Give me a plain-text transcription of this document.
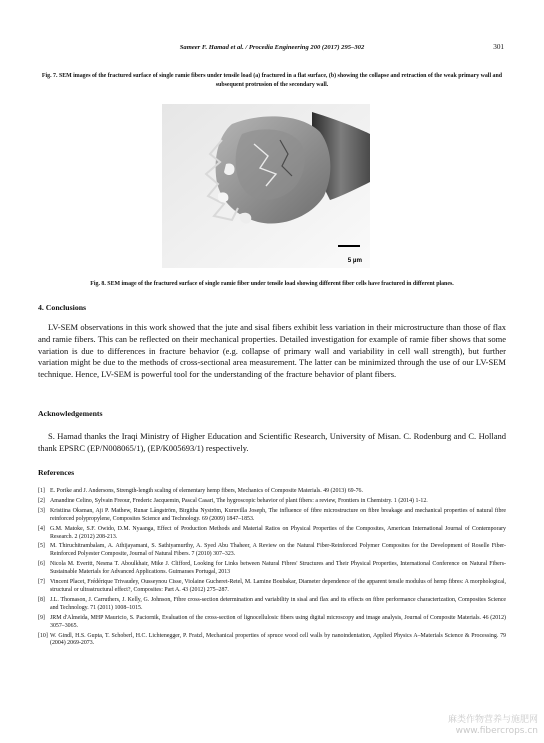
Sameer F. Hamad et al. / Procedia Engineering 200 (2017) 295–302	301
Fig. 7. SEM images of the fractured surface of single ramie fibers under tensile load (a) fractured in a flat surface, (b) showing the collapse and retraction of the weak primary wall and subsequent protrusion of the secondary wall.
5 µm
Fig. 8. SEM image of the fractured surface of single ramie fiber under tensile load showing different fiber cells have fractured in different planes.
4. Conclusions

LV-SEM observations in this work showed that the jute and sisal fibers exhibit less variation in their microstructure than those of flax and ramie fibers. This can be reflected on their mechanical properties. Detailed investigation for example of ramie fiber shows that some variation is due to differences in fracture behavior (e.g. collapse of primary wall and variability in cell wall strength), but further variation might be due to the methods of cross-sectional area measurement. The latter can be minimized through the use of our LV-SEM technique. Hence, LV-SEM is powerful tool for the understanding of the fracture behavior of plant fibers.

Acknowledgements

S. Hamad thanks the Iraqi Ministry of Higher Education and Scientific Research, University of Misan. C. Rodenburg and C. Holland thank EPSRC (EP/N008065/1), (EP/K005693/1) respectively.

References
[1] E. Porike and J. Andersons, Strength-length scaling of elementary hemp fibers, Mechanics of Composite Materials. 49 (2013) 69-76.
[2] Amandine Celino, Sylvain Freour, Frederic Jacquemin, Pascal Casari, The hygroscopic behavior of plant fibers: a review, Frontiers in Chemistry. 1 (2014) 1-12.
[3] Kristiina Oksman, Aji P. Mathew, Runar Långström, Birgitha Nyström, Kuruvilla Joseph, The influence of fibre microstructure on fibre breakage and mechanical properties of natural fibre reinforced polypropylene, Composites Science and Technology. 69 (2009) 1847–1853.
[4] G.M. Matoke, S.F. Owido, D.M. Nyaanga, Effect of Production Methods and Material Ratios on Physical Properties of the Composites, American International Journal of Contemporary Research. 2 (2012) 208-213.
[5] M. Thiruchitrambalam, A. Athijayamani, S. Sathiyamurthy, A. Syed Abu Thaheer, A Review on the Natural Fiber-Reinforced Polymer Composites for the Development of Roselle Fiber-Reinforced Polyester Composite, Journal of Natural Fibers. 7 (2010) 307–323.
[6] Nicola M. Everitt, Nesma T. Aboulkhair, Mike J. Clifford, Looking for Links between Natural Fibres' Structures and Their Physical Properties, International Conference on Natural Fibers-Sustainable Materials for Advanced Applications. Guimaraes Portugal, 2013
[7] Vincent Placet, Frédérique Trivaudey, Ousseynou Cisse, Violaine Gucheret-Retel, M. Lamine Boubakar, Diameter dependence of the apparent tensile modulus of hemp fibres: A morphological, structural or ultrastructural effect?, Composites: Part A. 43 (2012) 275–287.
[8] J.L. Thomason, J. Carruthers, J. Kelly, G. Johnson, Fibre cross-section determination and variability in sisal and flax and its effects on fibre performance characterization, Composites Science and Technology. 71 (2011) 1008–1015.
[9] JRM d'Almeida, MHP Mauricio, S. Paciornik, Evaluation of the cross-section of lignocellulosic fibers using digital microscopy and image analysis, Journal of Composite Materials. 46 (2012) 3057–3065.
[10] W. Gindl, H.S. Gupta, T. Schoberl, H.C. Lichtenegger, P. Fratzl, Mechanical properties of spruce wood cell walls by nanoindentation, Applied Physics A–Materials Science & Processing. 79 (2004) 2069-2073.
麻类作物营养与施肥网
www.fibercrops.cn
